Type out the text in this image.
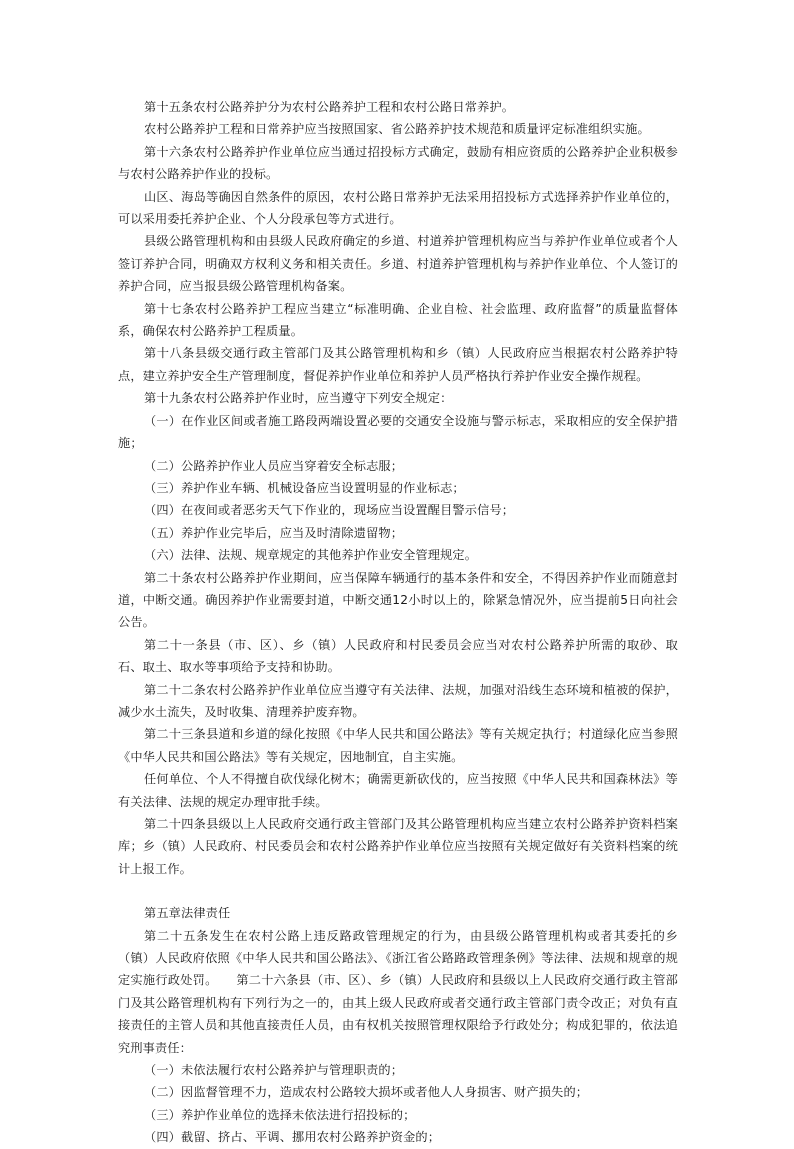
第十五条农村公路养护分为农村公路养护工程和农村公路日常养护。

农村公路养护工程和日常养护应当按照国家、省公路养护技术规范和质量评定标准组织实施。

第十六条农村公路养护作业单位应当通过招投标方式确定，鼓励有相应资质的公路养护企业积极参与农村公路养护作业的投标。

山区、海岛等确因自然条件的原因，农村公路日常养护无法采用招投标方式选择养护作业单位的，可以采用委托养护企业、个人分段承包等方式进行。

县级公路管理机构和由县级人民政府确定的乡道、村道养护管理机构应当与养护作业单位或者个人签订养护合同，明确双方权利义务和相关责任。乡道、村道养护管理机构与养护作业单位、个人签订的养护合同，应当报县级公路管理机构备案。

第十七条农村公路养护工程应当建立“标准明确、企业自检、社会监理、政府监督”的质量监督体系，确保农村公路养护工程质量。

第十八条县级交通行政主管部门及其公路管理机构和乡（镇）人民政府应当根据农村公路养护特点，建立养护安全生产管理制度，督促养护作业单位和养护人员严格执行养护作业安全操作规程。

第十九条农村公路养护作业时，应当遵守下列安全规定：

（一）在作业区间或者施工路段两端设置必要的交通安全设施与警示标志，采取相应的安全保护措施；

（二）公路养护作业人员应当穿着安全标志服；

（三）养护作业车辆、机械设备应当设置明显的作业标志；

（四）在夜间或者恶劣天气下作业的，现场应当设置醒目警示信号；

（五）养护作业完毕后，应当及时清除遗留物；

（六）法律、法规、规章规定的其他养护作业安全管理规定。

第二十条农村公路养护作业期间，应当保障车辆通行的基本条件和安全，不得因养护作业而随意封道，中断交通。确因养护作业需要封道，中断交通12小时以上的，除紧急情况外，应当提前5日向社会公告。

第二十一条县（市、区）、乡（镇）人民政府和村民委员会应当对农村公路养护所需的取砂、取石、取土、取水等事项给予支持和协助。

第二十二条农村公路养护作业单位应当遵守有关法律、法规，加强对沿线生态环境和植被的保护，减少水土流失，及时收集、清理养护废弃物。

第二十三条县道和乡道的绿化按照《中华人民共和国公路法》等有关规定执行；村道绿化应当参照《中华人民共和国公路法》等有关规定，因地制宜，自主实施。

任何单位、个人不得擅自砍伐绿化树木；确需更新砍伐的，应当按照《中华人民共和国森林法》等有关法律、法规的规定办理审批手续。

第二十四条县级以上人民政府交通行政主管部门及其公路管理机构应当建立农村公路养护资料档案库；乡（镇）人民政府、村民委员会和农村公路养护作业单位应当按照有关规定做好有关资料档案的统计上报工作。

第五章法律责任

第二十五条发生在农村公路上违反路政管理规定的行为，由县级公路管理机构或者其委托的乡（镇）人民政府依照《中华人民共和国公路法》、《浙江省公路路政管理条例》等法律、法规和规章的规定实施行政处罚。　　第二十六条县（市、区）、乡（镇）人民政府和县级以上人民政府交通行政主管部门及其公路管理机构有下列行为之一的，由其上级人民政府或者交通行政主管部门责令改正；对负有直接责任的主管人员和其他直接责任人员，由有权机关按照管理权限给予行政处分；构成犯罪的，依法追究刑事责任：

（一）未依法履行农村公路养护与管理职责的；

（二）因监督管理不力，造成农村公路较大损坏或者他人人身损害、财产损失的；

（三）养护作业单位的选择未依法进行招投标的；

（四）截留、挤占、平调、挪用农村公路养护资金的；
